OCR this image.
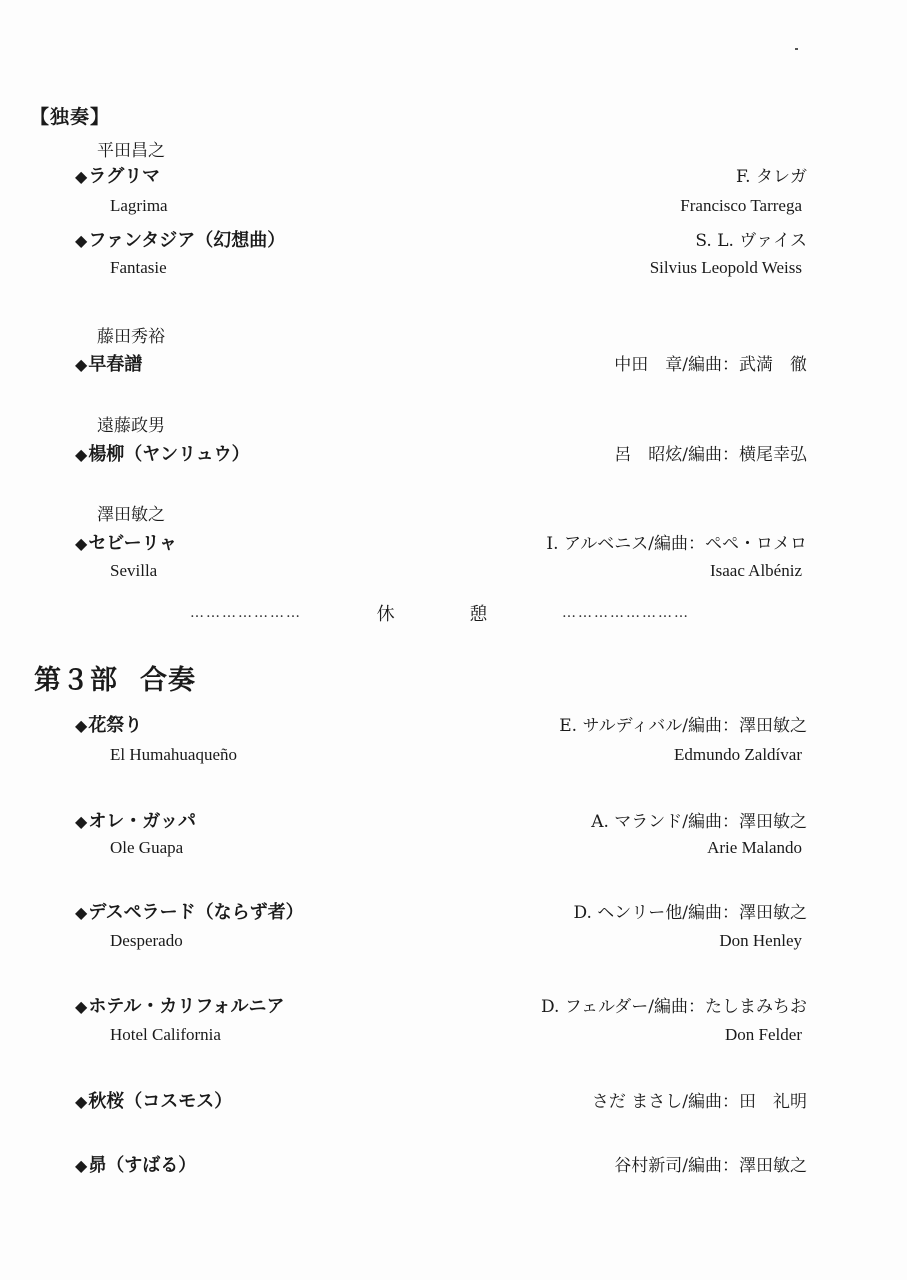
【独奏】
平田昌之
◆ラグリマ	F. タレガ
Lagrima	Francisco Tarrega
◆ファンタジア（幻想曲）	S. L. ヴァイス
Fantasie	Silvius Leopold Weiss
藤田秀裕
◆早春譜	中田　章/編曲：武満　徹
遠藤政男
◆楊柳（ヤンリュウ）	呂　昭炫/編曲：横尾幸弘
澤田敏之
◆セビーリャ	I. アルベニス/編曲：ペペ・ロメロ
Sevilla	Isaac Albéniz
…………………	休	憩	……………………
第３部 合奏
◆花祭り	E. サルディバル/編曲：澤田敏之
El Humahuaqueño	Edmundo Zaldívar
◆オレ・ガッパ	A. マランド/編曲：澤田敏之
Ole Guapa	Arie Malando
◆デスペラード（ならず者）	D. ヘンリー他/編曲：澤田敏之
Desperado	Don Henley
◆ホテル・カリフォルニア	D. フェルダー/編曲：たしまみちお
Hotel California	Don Felder
◆秋桜（コスモス）	さだ まさし/編曲：田　礼明
◆昴（すばる）	谷村新司/編曲：澤田敏之
